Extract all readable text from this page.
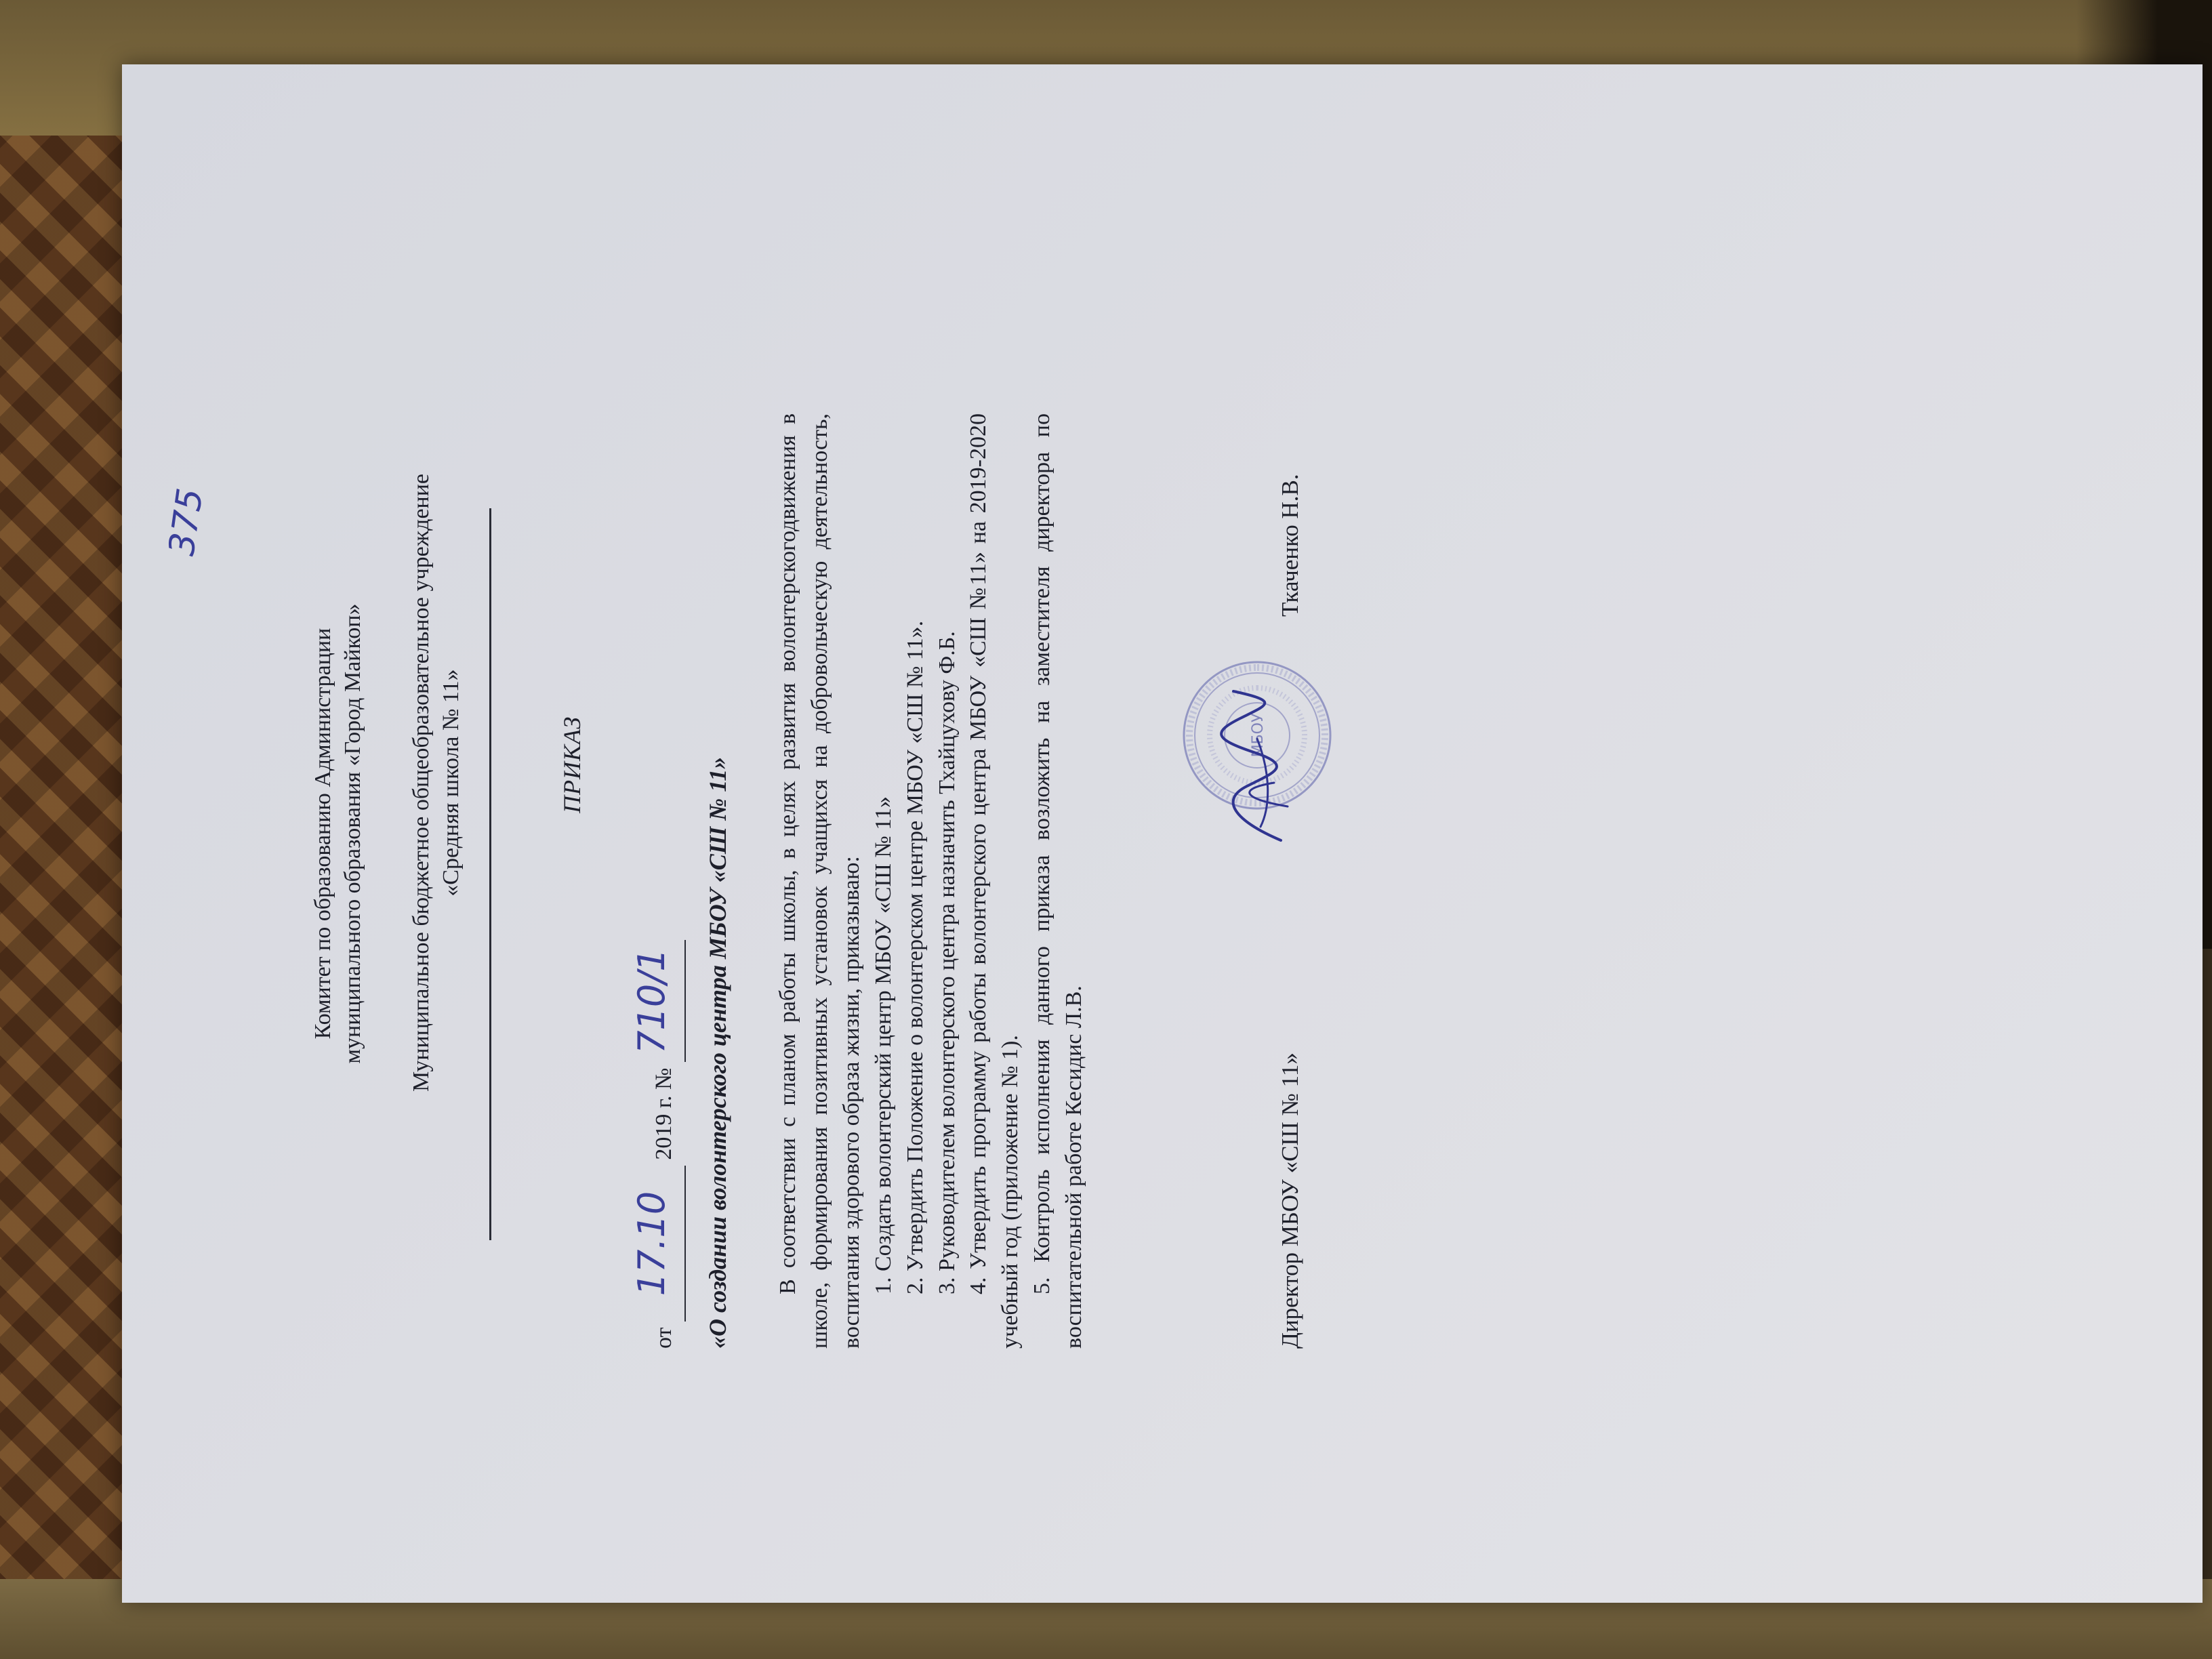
375
Комитет по образованию Администрации муниципального образования «Город Майкоп» Муниципальное бюджетное общеобразовательное учреждение «Средняя школа № 11»	ПРИКАЗ
от 17.10 2019 г. № 710/1	«О создании волонтерского центра МБОУ «СШ № 11» В соответствии с планом работы школы, в целях развития волонтерскогодвижения в школе, формирования позитивных установок учащихся на добровольческую деятельность, воспитания здорового образа жизни, приказываю: 1. Создать волонтерский центр МБОУ «СШ № 11» 2. Утвердить Положение о волонтерском центре МБОУ «СШ № 11». 3. Руководителем волонтерского центра назначить Тхайцухову Ф.Б. 4. Утвердить программу работы волонтерского центра МБОУ «СШ №11» на 2019-2020 учебный год (приложение № 1). 5. Контроль исполнения данного приказа возложить на заместителя директора по воспитательной работе Кесидис Л.В.
МБОУ
Директор МБОУ «СШ № 11»
Ткаченко Н.В.
